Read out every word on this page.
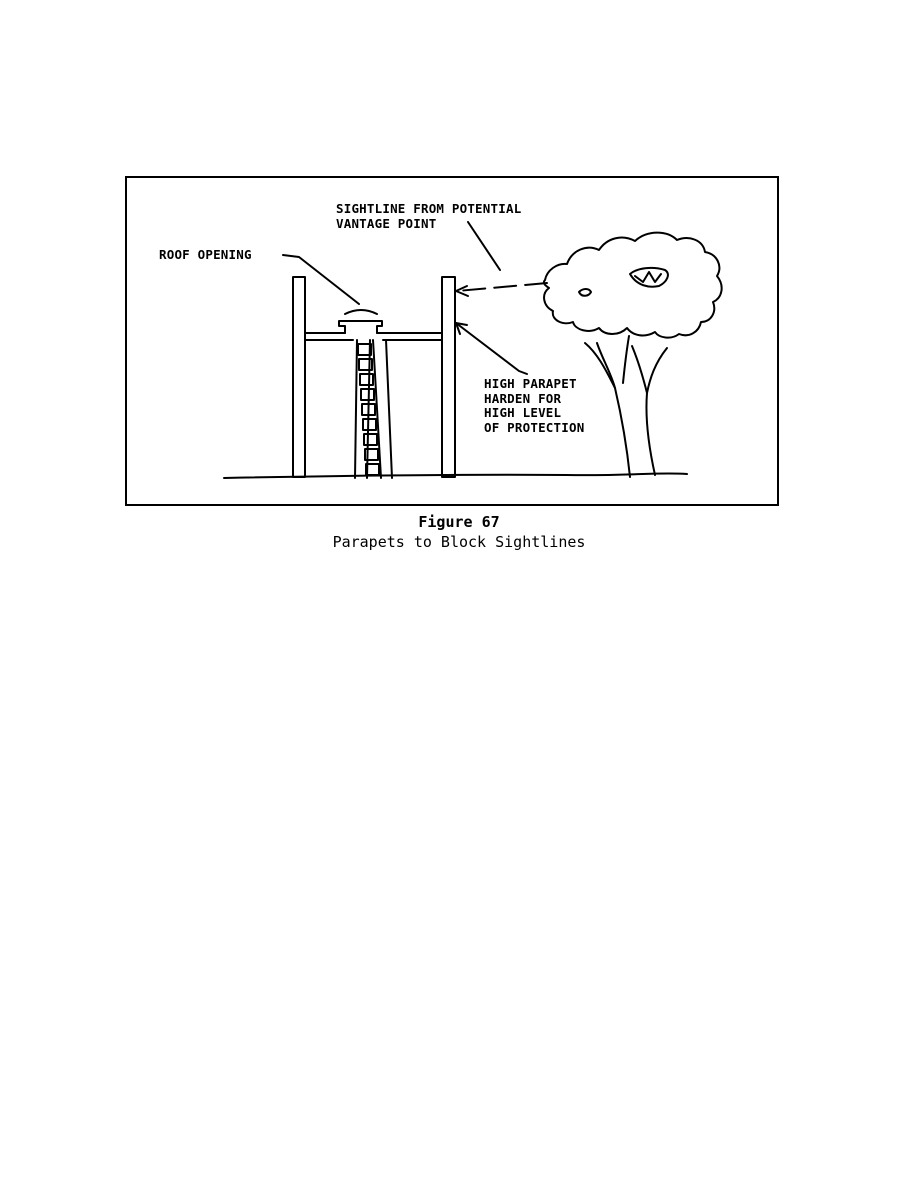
SIGHTLINE FROM POTENTIAL
VANTAGE POINT
ROOF OPENING
HIGH PARAPET
HARDEN FOR
HIGH LEVEL
OF PROTECTION
Figure 67
Parapets to Block Sightlines
